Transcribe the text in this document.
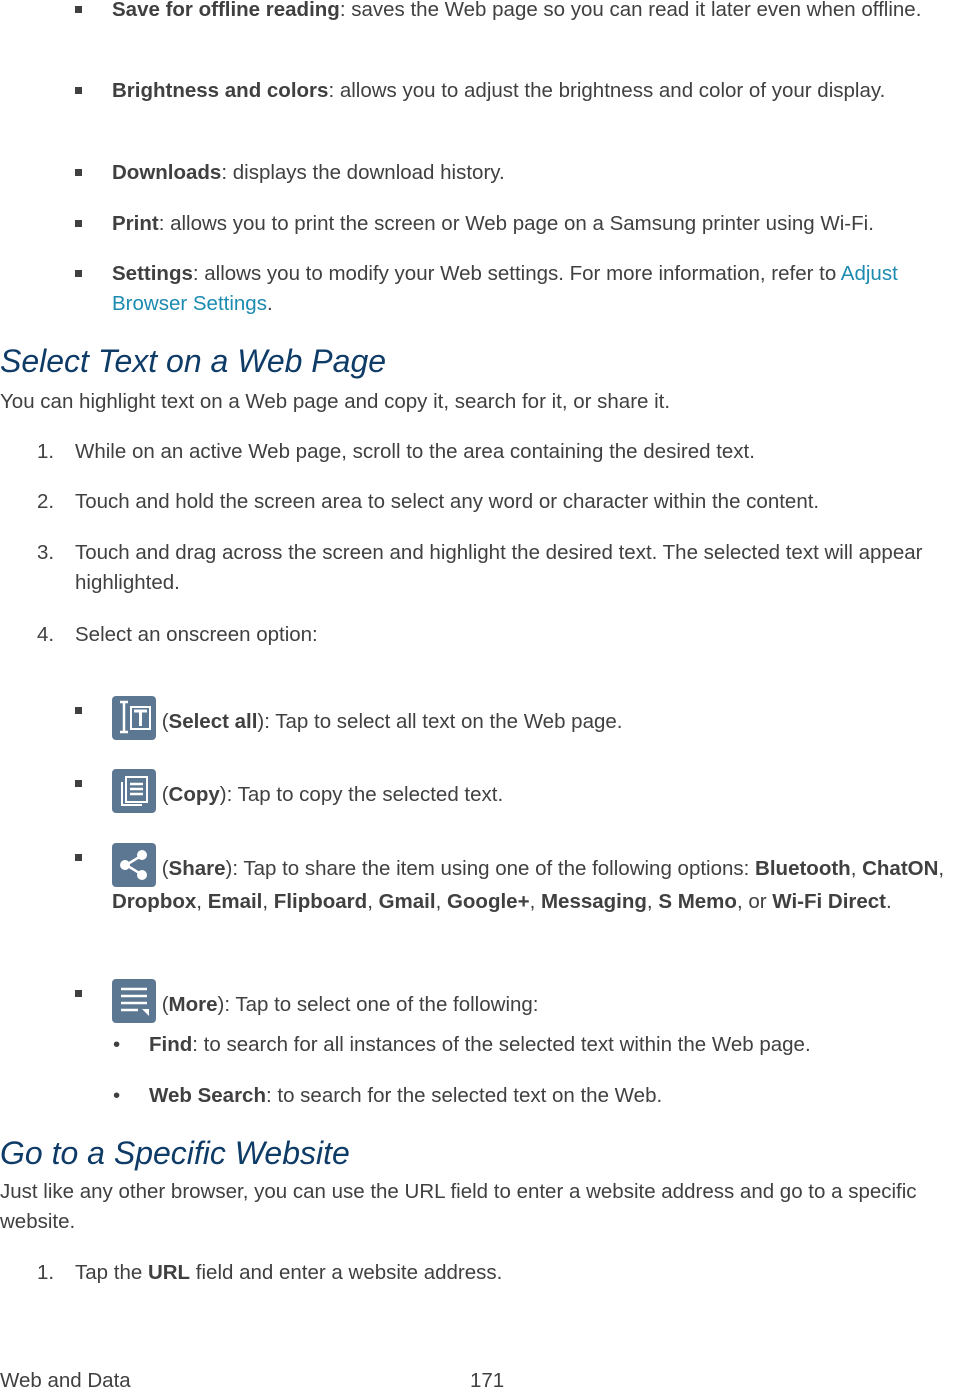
Save for offline reading: saves the Web page so you can read it later even when offline.
Brightness and colors: allows you to adjust the brightness and color of your display.
Downloads: displays the download history.
Print: allows you to print the screen or Web page on a Samsung printer using Wi-Fi.
Settings: allows you to modify your Web settings. For more information, refer to Adjust Browser Settings.
Select Text on a Web Page
You can highlight text on a Web page and copy it, search for it, or share it.
1. While on an active Web page, scroll to the area containing the desired text.
2. Touch and hold the screen area to select any word or character within the content.
3. Touch and drag across the screen and highlight the desired text. The selected text will appear highlighted.
4. Select an onscreen option:
(Select all): Tap to select all text on the Web page.
(Copy): Tap to copy the selected text.
(Share): Tap to share the item using one of the following options: Bluetooth, ChatON, Dropbox, Email, Flipboard, Gmail, Google+, Messaging, S Memo, or Wi-Fi Direct.
(More): Tap to select one of the following:
• Find: to search for all instances of the selected text within the Web page.
• Web Search: to search for the selected text on the Web.
Go to a Specific Website
Just like any other browser, you can use the URL field to enter a website address and go to a specific website.
1. Tap the URL field and enter a website address.
Web and Data	171
